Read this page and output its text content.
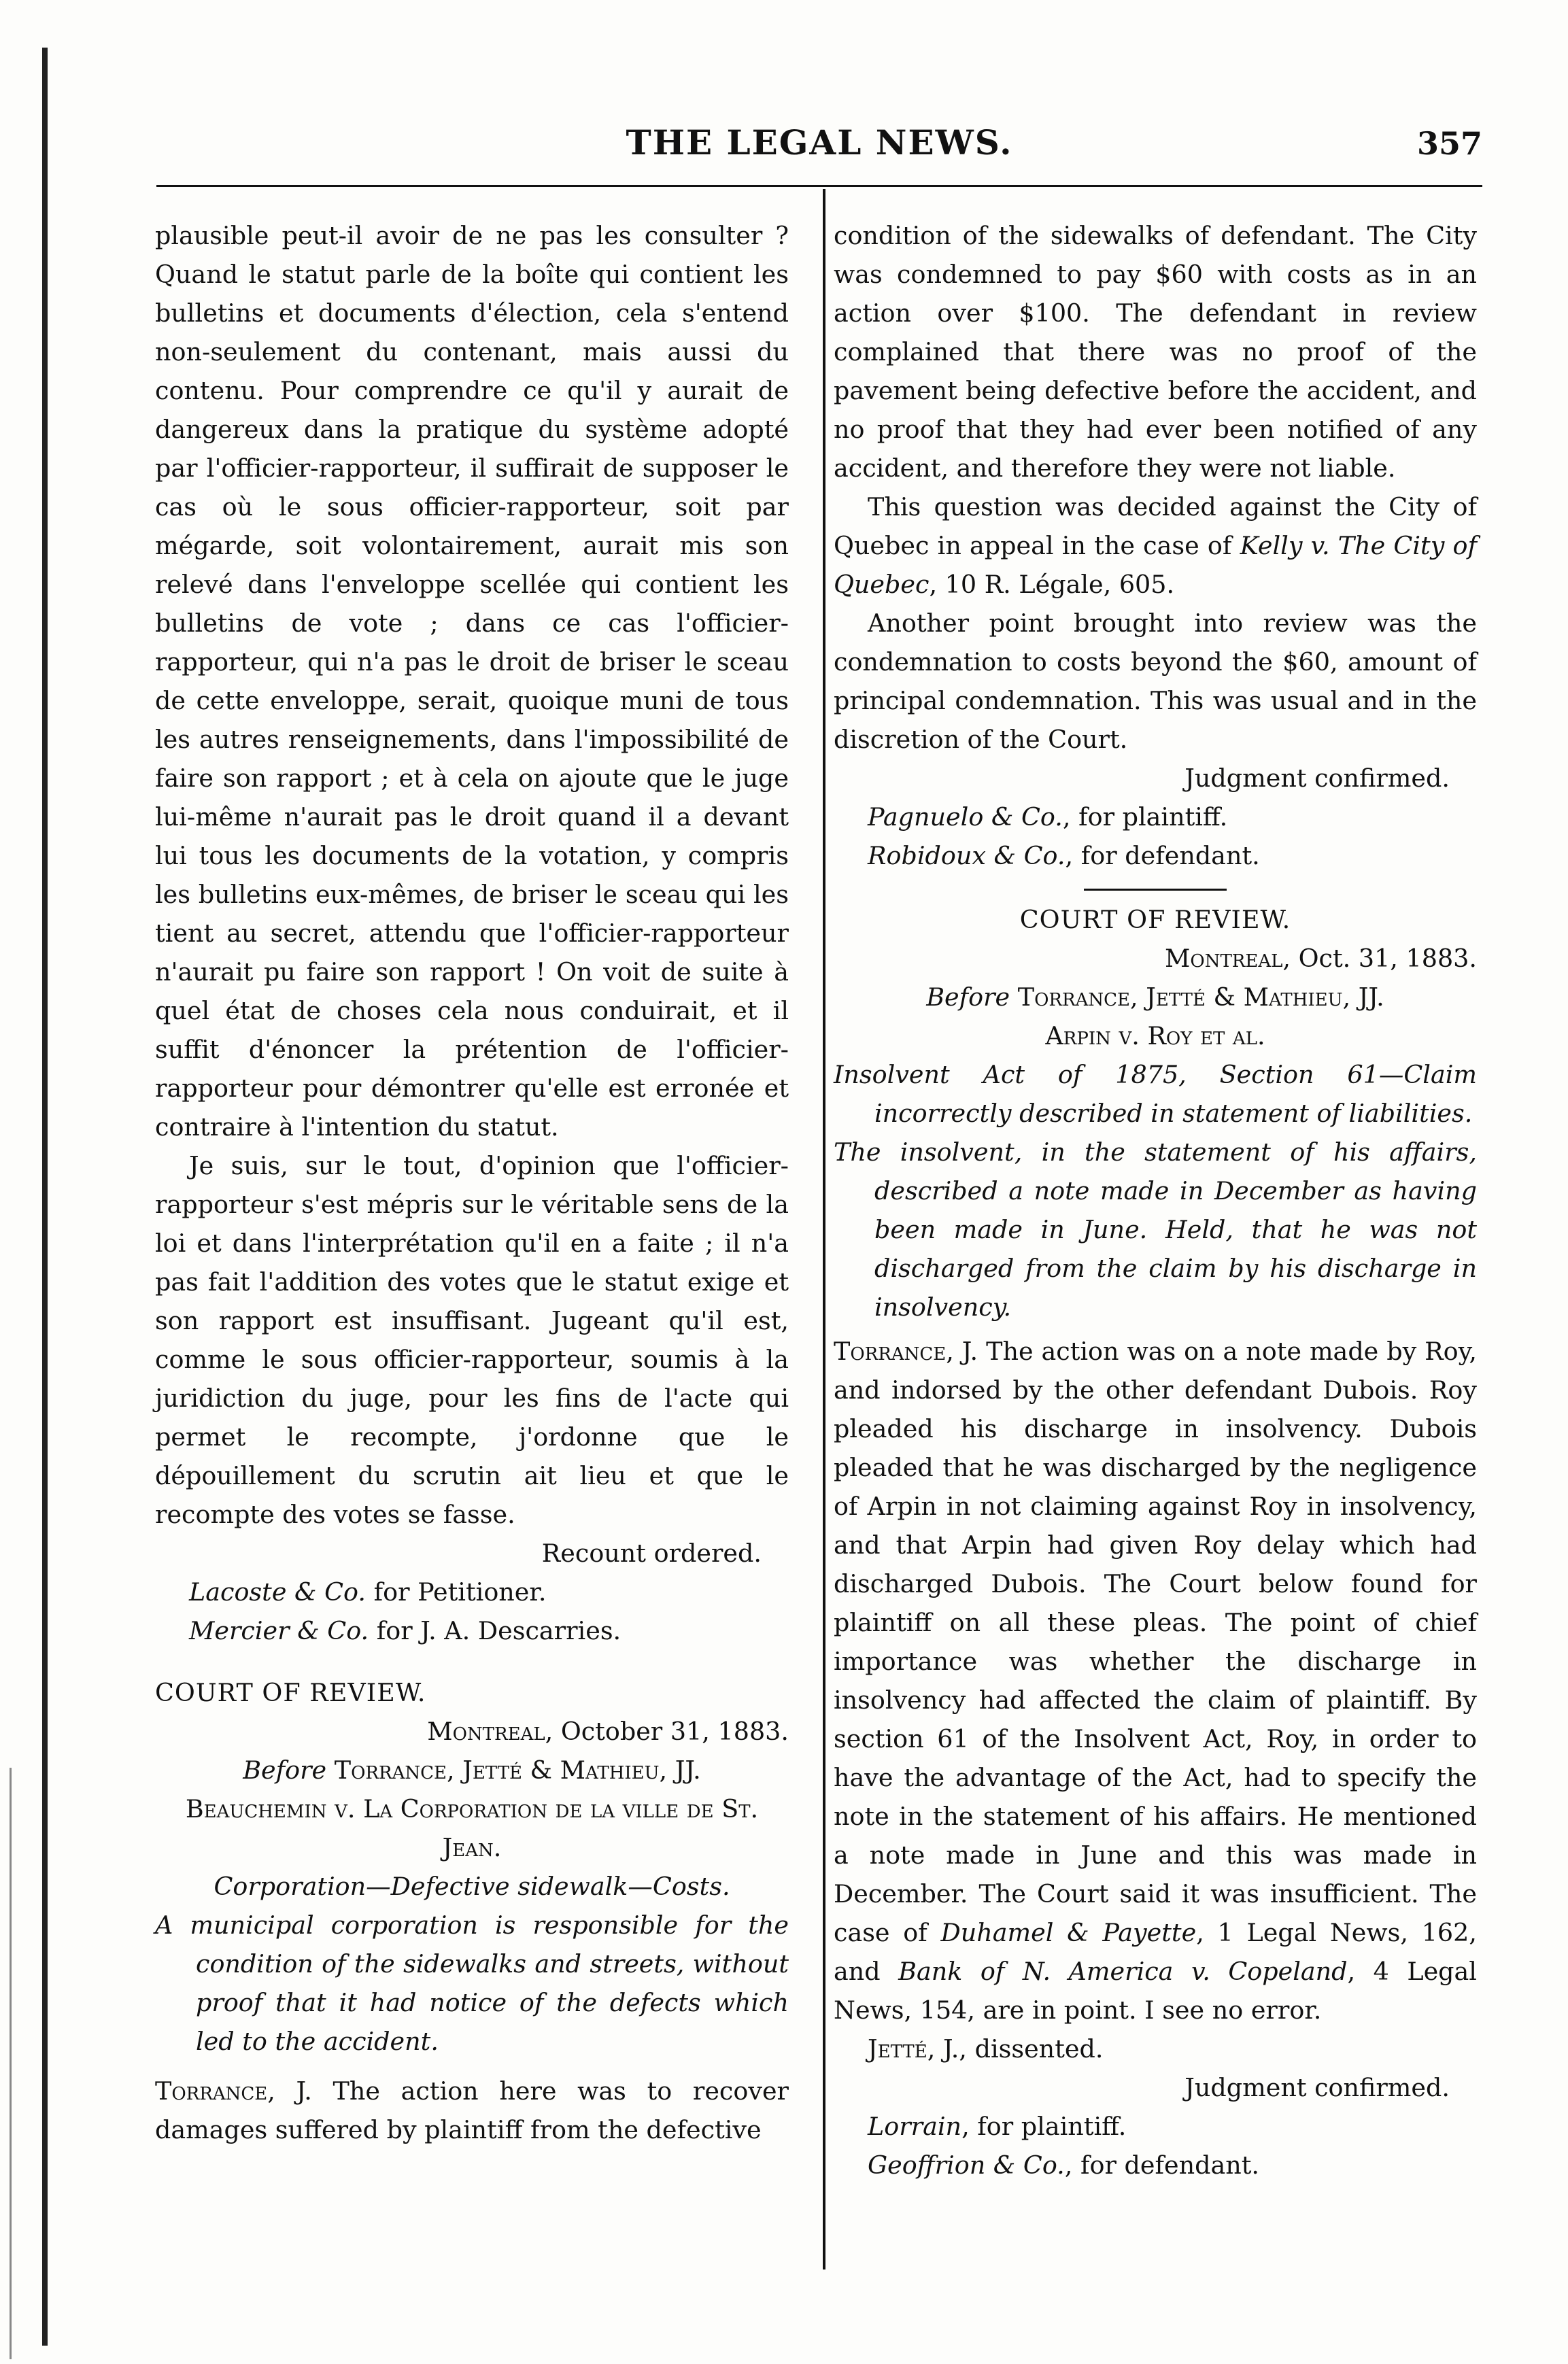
THE LEGAL NEWS.	357

plausible peut-il avoir de ne pas les consulter ? Quand le statut parle de la boîte qui contient les bulletins et documents d'élection, cela s'entend non-seulement du contenant, mais aussi du contenu. Pour comprendre ce qu'il y aurait de dangereux dans la pratique du système adopté par l'officier-rapporteur, il suffirait de supposer le cas où le sous officier-rapporteur, soit par mégarde, soit volontairement, aurait mis son relevé dans l'enveloppe scellée qui contient les bulletins de vote ; dans ce cas l'officier-rapporteur, qui n'a pas le droit de briser le sceau de cette enveloppe, serait, quoique muni de tous les autres renseignements, dans l'impossibilité de faire son rapport ; et à cela on ajoute que le juge lui-même n'aurait pas le droit quand il a devant lui tous les documents de la votation, y compris les bulletins eux-mêmes, de briser le sceau qui les tient au secret, attendu que l'officier-rapporteur n'aurait pu faire son rapport ! On voit de suite à quel état de choses cela nous conduirait, et il suffit d'énoncer la prétention de l'officier-rapporteur pour démontrer qu'elle est erronée et contraire à l'intention du statut.

Je suis, sur le tout, d'opinion que l'officier-rapporteur s'est mépris sur le véritable sens de la loi et dans l'interprétation qu'il en a faite ; il n'a pas fait l'addition des votes que le statut exige et son rapport est insuffisant. Jugeant qu'il est, comme le sous officier-rapporteur, soumis à la juridiction du juge, pour les fins de l'acte qui permet le recompte, j'ordonne que le dépouillement du scrutin ait lieu et que le recompte des votes se fasse.

Recount ordered.

Lacoste & Co. for Petitioner.

Mercier & Co. for J. A. Descarries.

COURT OF REVIEW.

Montreal, October 31, 1883.

Before Torrance, Jetté & Mathieu, JJ.

Beauchemin v. La Corporation de la ville de St. Jean.

Corporation—Defective sidewalk—Costs.

A municipal corporation is responsible for the condition of the sidewalks and streets, without proof that it had notice of the defects which led to the accident.

Torrance, J. The action here was to recover damages suffered by plaintiff from the defective

condition of the sidewalks of defendant. The City was condemned to pay $60 with costs as in an action over $100. The defendant in review complained that there was no proof of the pavement being defective before the accident, and no proof that they had ever been notified of any accident, and therefore they were not liable.

This question was decided against the City of Quebec in appeal in the case of Kelly v. The City of Quebec, 10 R. Légale, 605.

Another point brought into review was the condemnation to costs beyond the $60, amount of principal condemnation. This was usual and in the discretion of the Court.

Judgment confirmed.

Pagnuelo & Co., for plaintiff.

Robidoux & Co., for defendant.

COURT OF REVIEW.

Montreal, Oct. 31, 1883.

Before Torrance, Jetté & Mathieu, JJ.

Arpin v. Roy et al.

Insolvent Act of 1875, Section 61—Claim incorrectly described in statement of liabilities.

The insolvent, in the statement of his affairs, described a note made in December as having been made in June. Held, that he was not discharged from the claim by his discharge in insolvency.

Torrance, J. The action was on a note made by Roy, and indorsed by the other defendant Dubois. Roy pleaded his discharge in insolvency. Dubois pleaded that he was discharged by the negligence of Arpin in not claiming against Roy in insolvency, and that Arpin had given Roy delay which had discharged Dubois. The Court below found for plaintiff on all these pleas. The point of chief importance was whether the discharge in insolvency had affected the claim of plaintiff. By section 61 of the Insolvent Act, Roy, in order to have the advantage of the Act, had to specify the note in the statement of his affairs. He mentioned a note made in June and this was made in December. The Court said it was insufficient. The case of Duhamel & Payette, 1 Legal News, 162, and Bank of N. America v. Copeland, 4 Legal News, 154, are in point. I see no error.

Jetté, J., dissented.

Judgment confirmed.

Lorrain, for plaintiff.

Geoffrion & Co., for defendant.
